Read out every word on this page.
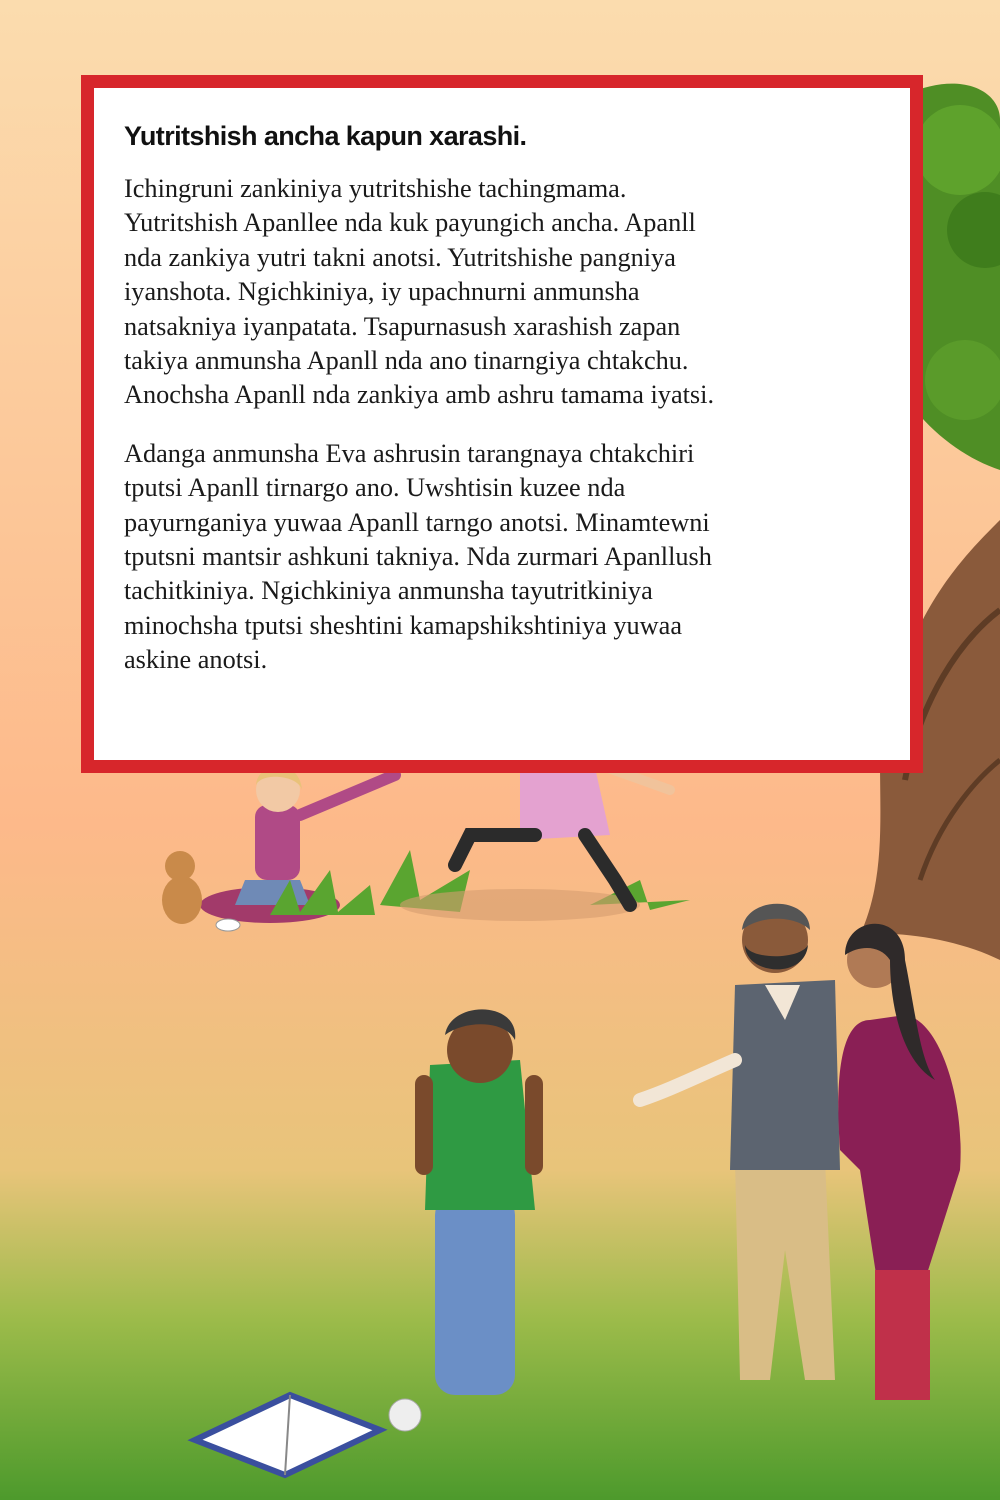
Yutritshish ancha kapun xarashi.

Ichingruni zankiniya yutritshishe tachingmama.
Yutritshish Apanllee nda kuk payungich ancha. Apanll
nda zankiya yutri takni anotsi. Yutritshishe pangniya
iyanshota. Ngichkiniya, iy upachnurni anmunsha
natsakniya iyanpatata. Tsapurnasush xarashish zapan
takiya anmunsha Apanll nda ano tinarngiya chtakchu.
Anochsha Apanll nda zankiya amb ashru tamama iyatsi.

Adanga anmunsha Eva ashrusin tarangnaya chtakchiri
tputsi Apanll tirnargo ano. Uwshtisin kuzee nda
payurnganiya yuwaa Apanll tarngo anotsi. Minamtewni
tputsni mantsir ashkuni takniya. Nda zurmari Apanllush
tachitkiniya. Ngichkiniya anmunsha tayutritkiniya
minochsha tputsi sheshtini kamapshikshtiniya yuwaa
askine anotsi.
